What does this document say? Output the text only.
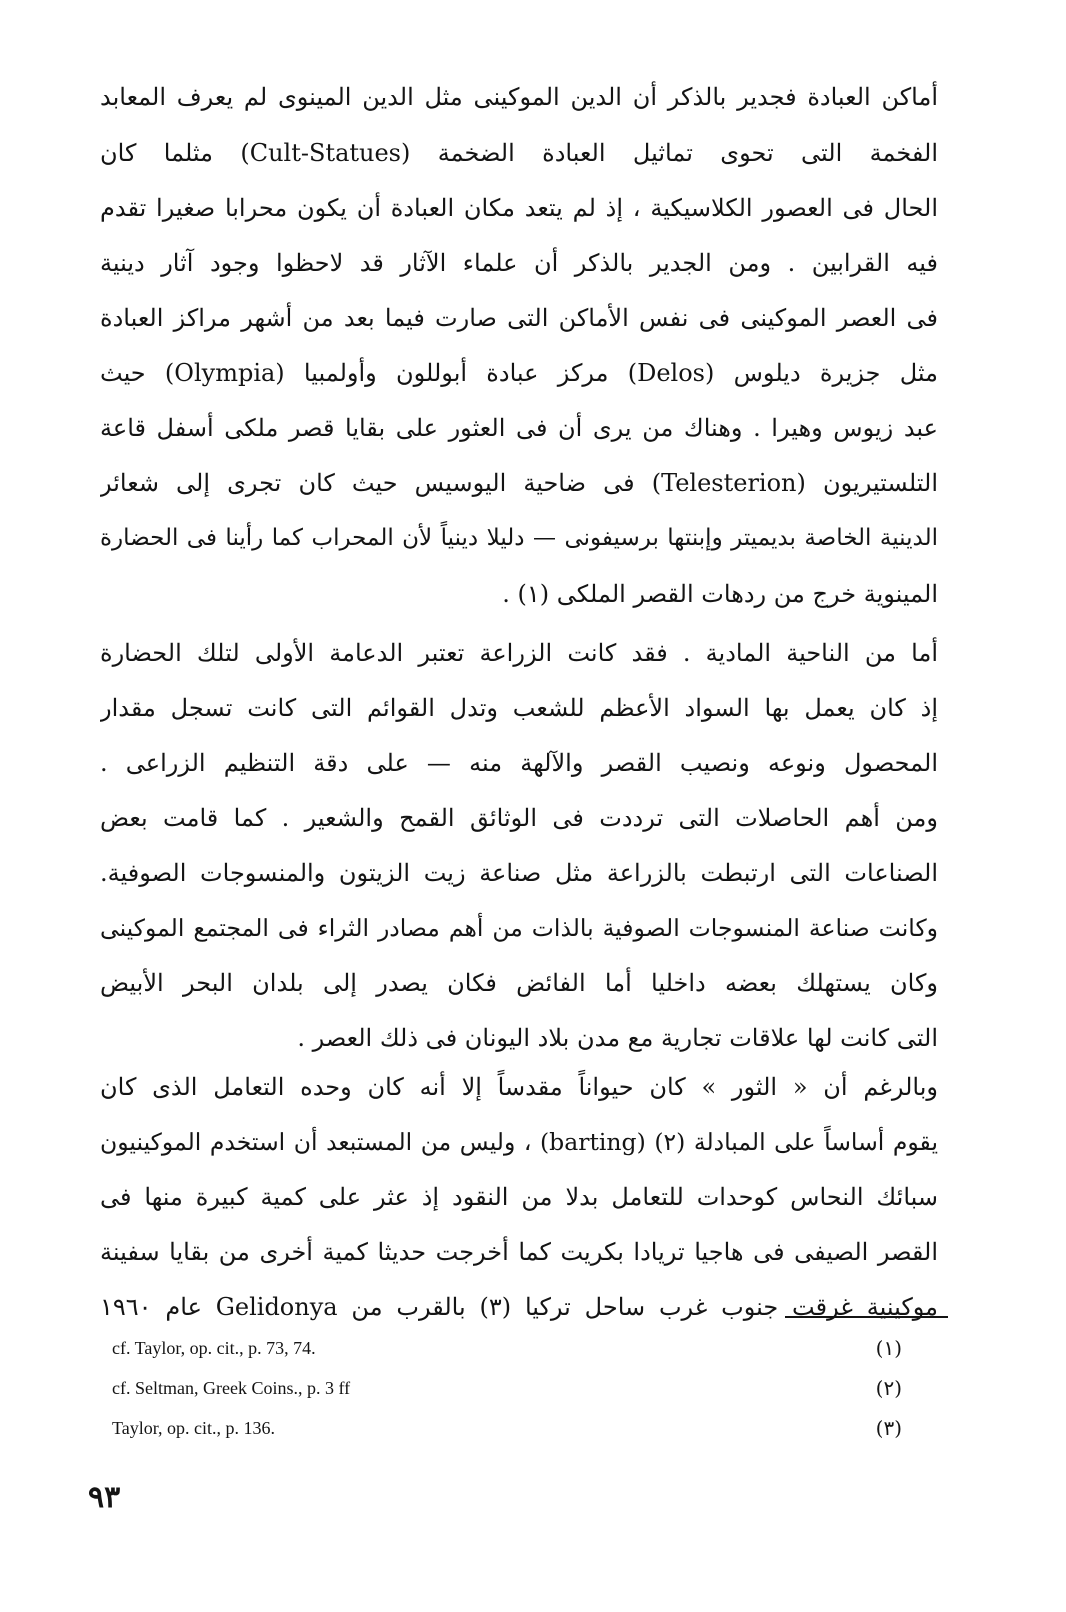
أماكن العبادة فجدير بالذكر أن الدين الموكينى مثل الدين المينوى لم يعرف المعابد

الفخمة التى تحوى تماثيل العبادة الضخمة (Cult-Statues) مثلما كان

الحال فى العصور الكلاسيكية ، إذ لم يتعد مكان العبادة أن يكون محرابا صغيرا تقدم

فيه القرابين . ومن الجدير بالذكر أن علماء الآثار قد لاحظوا وجود آثار دينية

فى العصر الموكينى فى نفس الأماكن التى صارت فيما بعد من أشهر مراكز العبادة

مثل جزيرة ديلوس (Delos) مركز عبادة أبوللون وأولمبيا (Olympia) حيث

عبد زيوس وهيرا . وهناك من يرى أن فى العثور على بقايا قصر ملكى أسفل قاعة

التلستيريون (Telesterion) فى ضاحية اليوسيس حيث كان تجرى إلى شعائر

الدينية الخاصة بديميتر وإبنتها برسيفونى — دليلا دينياً لأن المحراب كما رأينا فى الحضارة

المينوية خرج من ردهات القصر الملكى (١) .

أما من الناحية المادية . فقد كانت الزراعة تعتبر الدعامة الأولى لتلك الحضارة

إذ كان يعمل بها السواد الأعظم للشعب وتدل القوائم التى كانت تسجل مقدار

المحصول ونوعه ونصيب القصر والآلهة منه — على دقة التنظيم الزراعى .

ومن أهم الحاصلات التى ترددت فى الوثائق القمح والشعير . كما قامت بعض

الصناعات التى ارتبطت بالزراعة مثل صناعة زيت الزيتون والمنسوجات الصوفية.

وكانت صناعة المنسوجات الصوفية بالذات من أهم مصادر الثراء فى المجتمع الموكينى

وكان يستهلك بعضه داخليا أما الفائض فكان يصدر إلى بلدان البحر الأبيض

التى كانت لها علاقات تجارية مع مدن بلاد اليونان فى ذلك العصر .

وبالرغم أن « الثور » كان حيواناً مقدساً إلا أنه كان وحده التعامل الذى كان

يقوم أساساً على المبادلة (٢) (barting) ، وليس من المستبعد أن استخدم الموكينيون

سبائك النحاس كوحدات للتعامل بدلا من النقود إذ عثر على كمية كبيرة منها فى

القصر الصيفى فى هاجيا تريادا بكريت كما أخرجت حديثا كمية أخرى من بقايا سفينة

موكينية غرقت جنوب غرب ساحل تركيا (٣) بالقرب من Gelidonya عام ١٩٦٠

cf. Taylor, op. cit., p. 73, 74.	(١)
cf. Seltman, Greek Coins., p. 3 ff	(٢)
Taylor, op. cit., p. 136.	(٣)
٩٣
